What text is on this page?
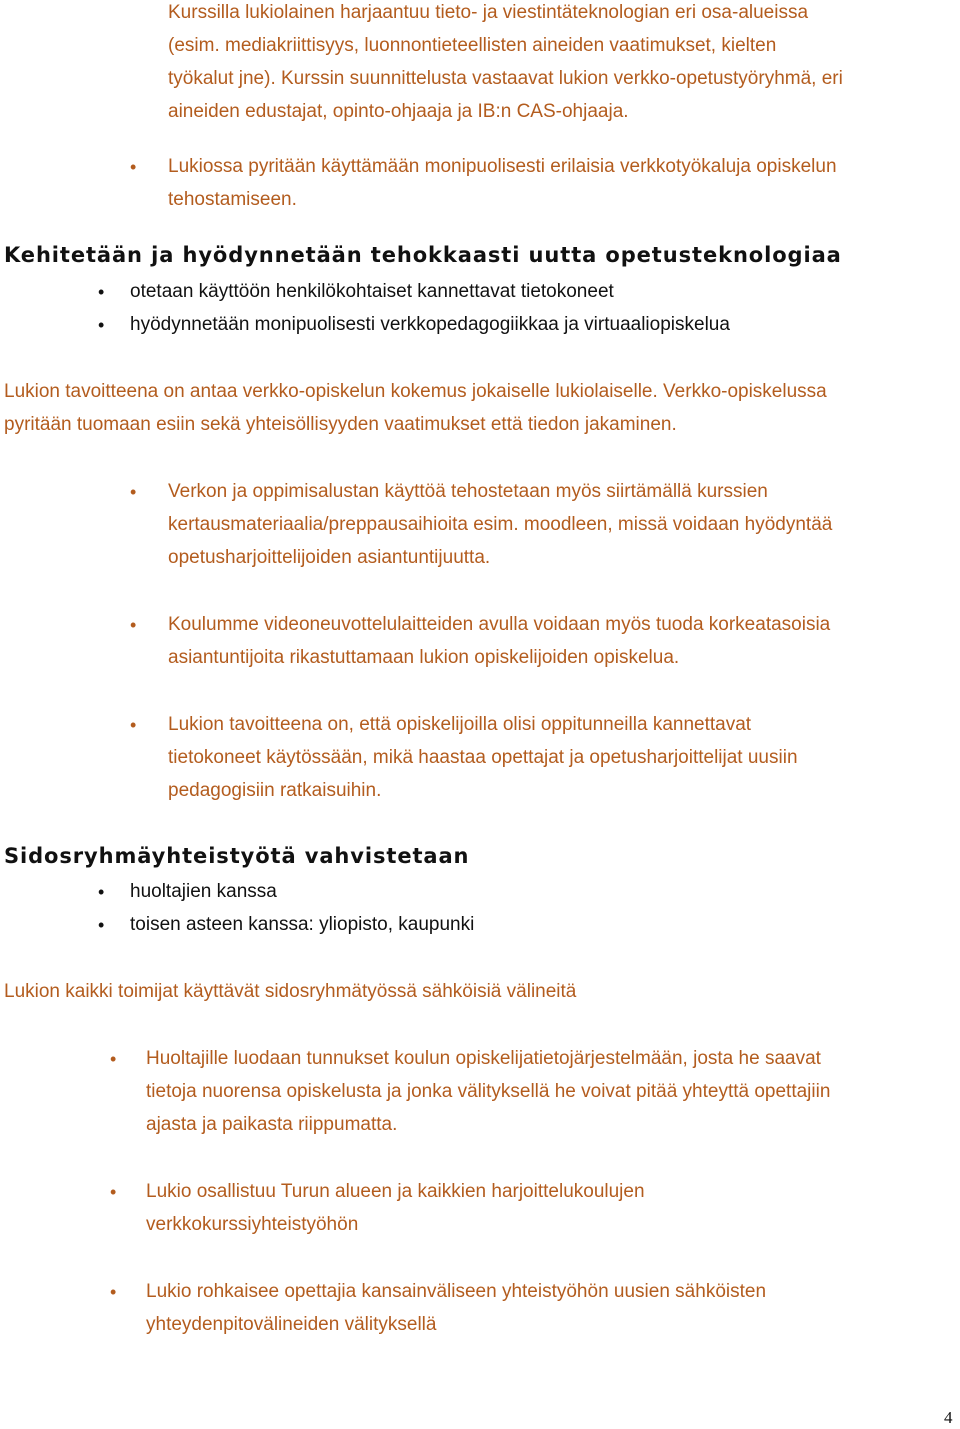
Kurssilla lukiolainen harjaantuu tieto- ja viestintäteknologian eri osa-alueissa
(esim. mediakriittisyys, luonnontieteellisten aineiden vaatimukset, kielten
työkalut jne). Kurssin suunnittelusta vastaavat lukion verkko-opetustyöryhmä, eri
aineiden edustajat, opinto-ohjaaja ja IB:n CAS-ohjaaja.
• Lukiossa pyritään käyttämään monipuolisesti erilaisia verkkotyökaluja opiskelun
tehostamiseen.
Kehitetään ja hyödynnetään tehokkaasti uutta opetusteknologiaa
• otetaan käyttöön henkilökohtaiset kannettavat tietokoneet
• hyödynnetään monipuolisesti verkkopedagogiikkaa ja virtuaaliopiskelua
Lukion tavoitteena on antaa verkko-opiskelun kokemus jokaiselle lukiolaiselle. Verkko-opiskelussa
pyritään tuomaan esiin sekä yhteisöllisyyden vaatimukset että tiedon jakaminen.
• Verkon ja oppimisalustan käyttöä tehostetaan myös siirtämällä kurssien
kertausmateriaalia/preppausaihioita esim. moodleen, missä voidaan hyödyntää
opetusharjoittelijoiden asiantuntijuutta.
• Koulumme videoneuvottelulaitteiden avulla voidaan myös tuoda korkeatasoisia
asiantuntijoita rikastuttamaan lukion opiskelijoiden opiskelua.
• Lukion tavoitteena on, että opiskelijoilla olisi oppitunneilla kannettavat
tietokoneet käytössään, mikä haastaa opettajat ja opetusharjoittelijat uusiin
pedagogisiin ratkaisuihin.
Sidosryhmäyhteistyötä vahvistetaan
• huoltajien kanssa
• toisen asteen kanssa: yliopisto, kaupunki
Lukion kaikki toimijat käyttävät sidosryhmätyössä sähköisiä välineitä
• Huoltajille luodaan tunnukset koulun opiskelijatietojärjestelmään, josta he saavat
tietoja nuorensa opiskelusta ja jonka välityksellä he voivat pitää yhteyttä opettajiin
ajasta ja paikasta riippumatta.
• Lukio osallistuu Turun alueen ja kaikkien harjoittelukoulujen
verkkokurssiyhteistyöhön
• Lukio rohkaisee opettajia kansainväliseen yhteistyöhön uusien sähköisten
yhteydenpitovälineiden välityksellä
4
